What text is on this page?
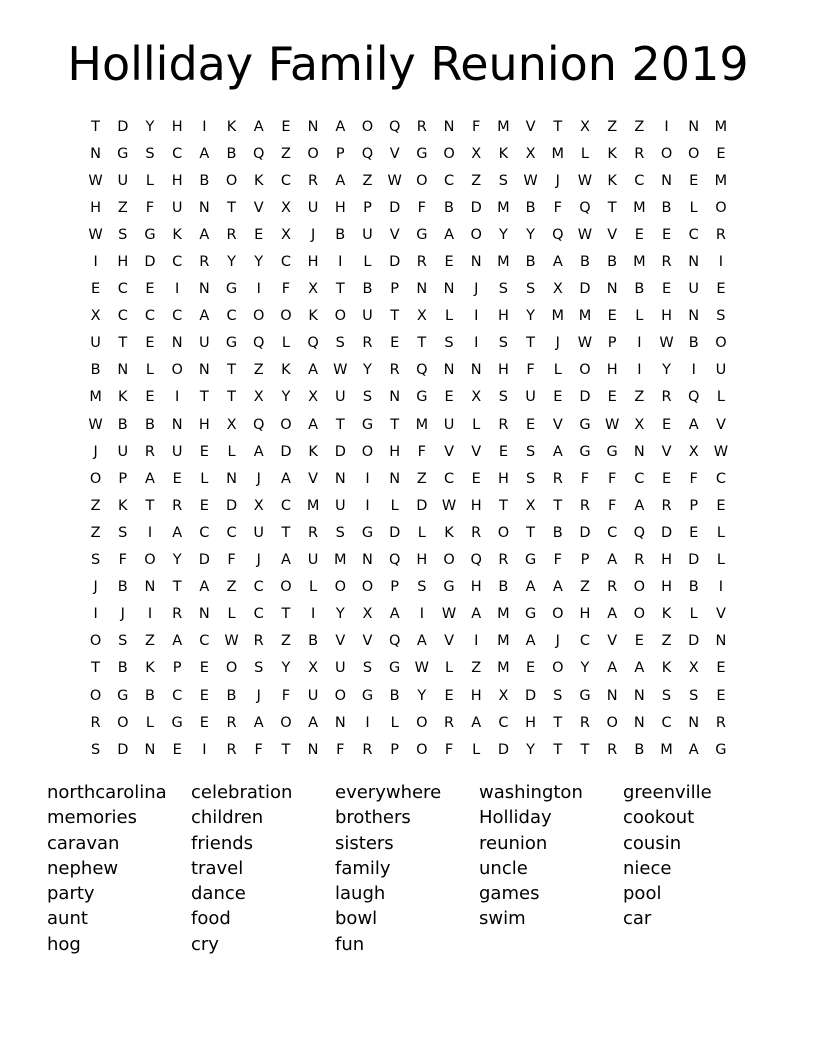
Holliday Family Reunion 2019
T	D	Y	H	I	K	A	E	N	A	O	Q	R	N	F	M	V	T	X	Z	Z	I	N	M
N	G	S	C	A	B	Q	Z	O	P	Q	V	G	O	X	K	X	M	L	K	R	O	O	E
W	U	L	H	B	O	K	C	R	A	Z	W O	C	Z	S	W	J	W	K	C	N	E	M
H	Z	F	U	N	T	V	X	U	H	P	D	F	B	D	M	B	F	Q	T	M	B	L	O
W	S	G	K	A	R	E	X	J	B	U	V	G	A	O	Y	Y	Q W	V	E	E	C	R
I	H	D	C	R	Y	Y	C	H	I	L	D	R	E	N	M	B	A	B	B	M	R	N	I
E	C	E	I	N	G	I	F	X	T	B	P	N	N	J	S	S	X	D	N	B	E	U	E
X	C	C	C	A	C	O	O	K	O	U	T	X	L	I	H	Y	M	M	E	L	H	N	S
U	T	E	N	U	G	Q	L	Q	S	R	E	T	S	I	S	T	J	W	P	I	W	B	O
B	N	L	O	N	T	Z	K	A	W	Y	R	Q	N	N	H	F	L	O	H	I	Y	I	U
M	K	E	I	T	T	X	Y	X	U	S	N	G	E	X	S	U	E	D	E	Z	R	Q	L
W	B	B	N	H	X	Q	O	A	T	G	T	M	U	L	R	E	V	G W	X	E	A	V
J	U	R	U	E	L	A	D	K	D	O	H	F	V	V	E	S	A	G	G	N	V	X	W
O	P	A	E	L	N	J	A	V	N	I	N	Z	C	E	H	S	R	F	F	C	E	F	C
Z	K	T	R	E	D	X	C	M	U	I	L	D W	H	T	X	T	R	F	A	R	P	E
Z	S	I	A	C	C	U	T	R	S	G	D	L	K	R	O	T	B	D	C	Q	D	E	L
S	F	O	Y	D	F	J	A	U	M	N	Q	H	O	Q	R	G	F	P	A	R	H	D	L
J	B	N	T	A	Z	C	O	L	O	O	P	S	G	H	B	A	A	Z	R	O	H	B	I
I	J	I	R	N	L	C	T	I	Y	X	A	I	W	A	M	G	O	H	A	O	K	L	V
O	S	Z	A	C	W	R	Z	B	V	V	Q	A	V	I	M	A	J	C	V	E	Z	D	N
T	B	K	P	E	O	S	Y	X	U	S	G W	L	Z	M	E	O	Y	A	A	K	X	E
O	G	B	C	E	B	J	F	U	O	G	B	Y	E	H	X	D	S	G	N	N	S	S	E
R	O	L	G	E	R	A	O	A	N	I	L	O	R	A	C	H	T	R	O	N	C	N	R
S	D	N	E	I	R	F	T	N	F	R	P	O	F	L	D	Y	T	T	R	B	M	A	G
northcarolina	celebration	everywhere	washington	greenville
memories	children	brothers	Holliday	cookout
caravan	friends	sisters	reunion	cousin
nephew	travel	family	uncle	niece
party	dance	laugh	games	pool
aunt	food	bowl	swim	car
hog	cry	fun
